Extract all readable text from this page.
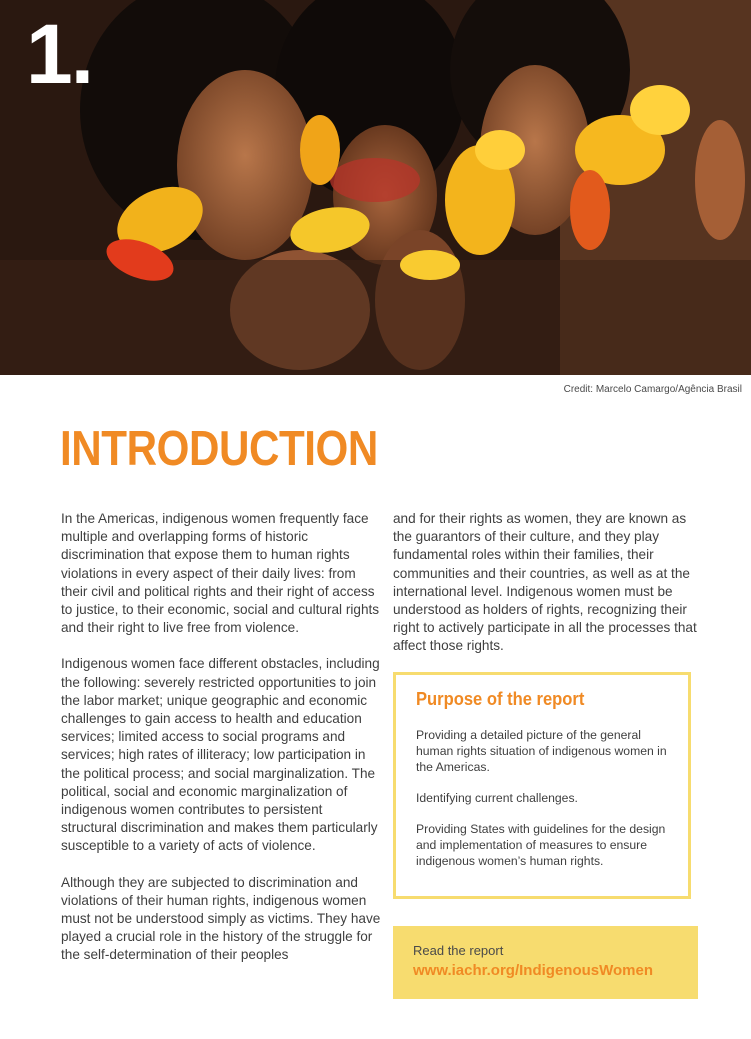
1.
Credit: Marcelo Camargo/Agência Brasil
INTRODUCTION

In the Americas, indigenous women frequently face multiple and overlapping forms of historic discrimination that expose them to human rights violations in every aspect of their daily lives: from their civil and political rights and their right of access to justice, to their economic, social and cultural rights and their right to live free from violence.

Indigenous women face different obstacles, including the following: severely restricted opportunities to join the labor market; unique geographic and economic challenges to gain access to health and education services; limited access to social programs and services; high rates of illiteracy; low participation in the political process; and social marginalization. The political, social and economic marginalization of indigenous women contributes to persistent structural discrimination and makes them particularly susceptible to a variety of acts of violence.

Although they are subjected to discrimination and violations of their human rights, indigenous women must not be understood simply as victims. They have played a crucial role in the history of the struggle for the self-determination of their peoples

and for their rights as women, they are known as the guarantors of their culture, and they play fundamental roles within their families, their communities and their countries, as well as at the international level. Indigenous women must be understood as holders of rights, recognizing their right to actively participate in all the processes that affect those rights.

Purpose of the report

Providing a detailed picture of the general human rights situation of indigenous women in the Americas.

Identifying current challenges.

Providing States with guidelines for the design and implementation of measures to ensure indigenous women’s human rights.

Read the report
www.iachr.org/IndigenousWomen
